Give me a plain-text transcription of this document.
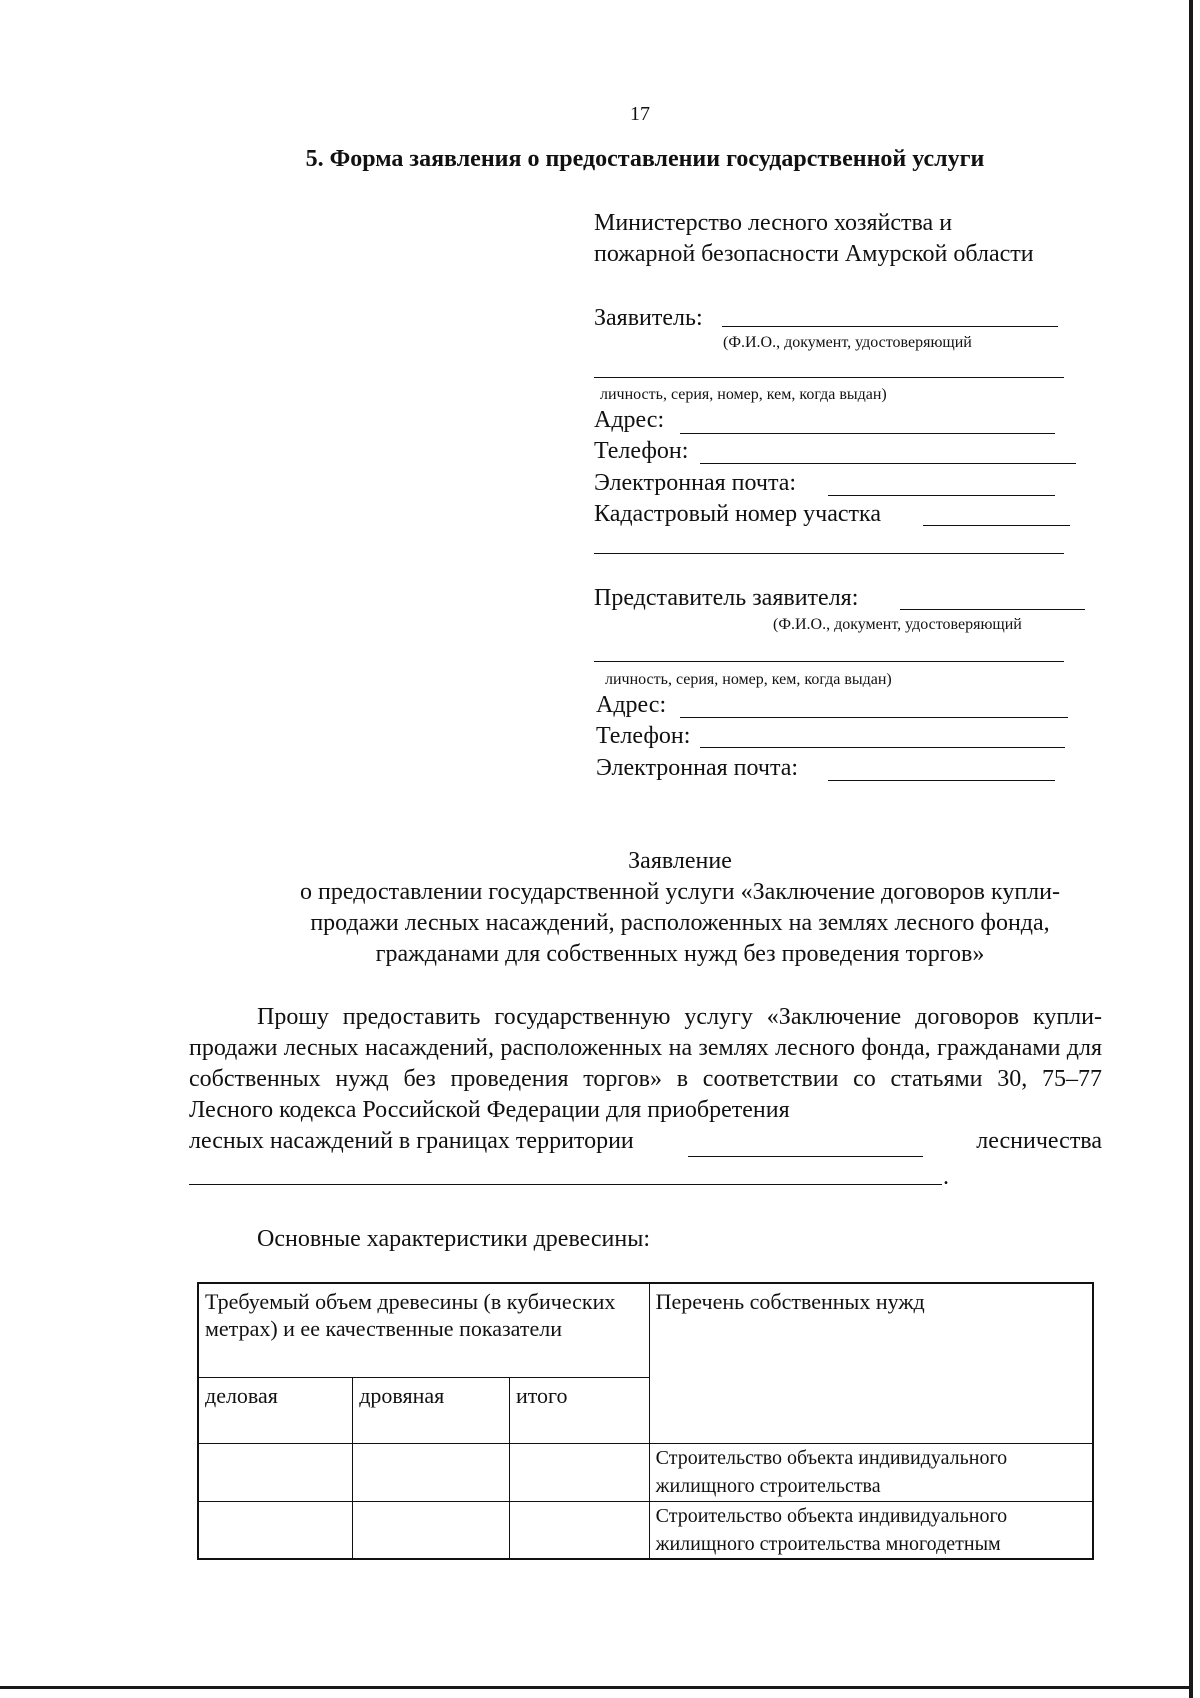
17
5. Форма заявления о предоставлении государственной услуги
Министерство лесного хозяйства и
пожарной безопасности Амурской области
Заявитель:
(Ф.И.О., документ, удостоверяющий
личность, серия, номер, кем, когда выдан)
Адрес:
Телефон:
Электронная почта:
Кадастровый номер участка
Представитель заявителя:
(Ф.И.О., документ, удостоверяющий
личность, серия, номер, кем, когда выдан)
Адрес:
Телефон:
Электронная почта:
Заявление
о предоставлении государственной услуги «Заключение договоров купли-
продажи лесных насаждений, расположенных на землях лесного фонда,
гражданами для собственных нужд без проведения торгов»

Прошу предоставить государственную услугу «Заключение договоров купли-продажи лесных насаждений, расположенных на землях лесного фонда, гражданами для собственных нужд без проведения торгов» в соответствии со статьями 30, 75–77 Лесного кодекса Российской Федерации для приобретения

лесных насаждений в границах территории	лесничества
.
Основные характеристики древесины:
Требуемый объем древесины (в кубических метрах) и ее качественные показатели			Перечень собственных нужд
деловая	дровяная	итого	
			Строительство объекта индивидуального жилищного строительства
			Строительство объекта индивидуального жилищного строительства многодетным
